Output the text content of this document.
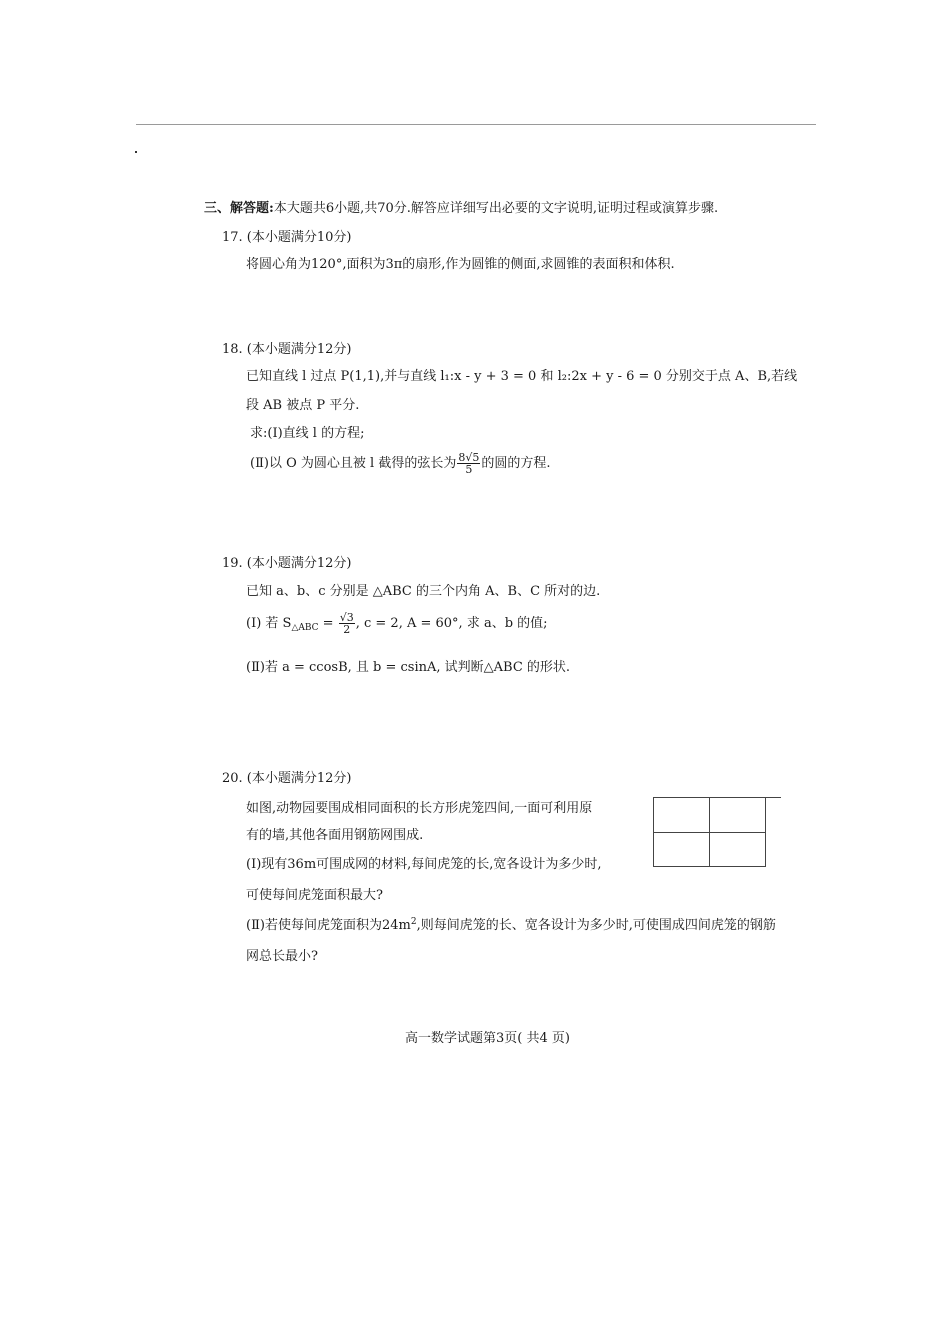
三、解答题:本大题共6小题,共70分.解答应详细写出必要的文字说明,证明过程或演算步骤.
17. (本小题满分10分)
将圆心角为120°,面积为3π的扇形,作为圆锥的侧面,求圆锥的表面积和体积.
18. (本小题满分12分)
已知直线 l 过点 P(1,1),并与直线 l₁:x - y + 3 = 0 和 l₂:2x + y - 6 = 0 分别交于点 A、B,若线
段 AB 被点 P 平分.
求:(Ⅰ)直线 l 的方程;
(Ⅱ)以 O 为圆心且被 l 截得的弦长为 $\frac{8√5}{5}$ 的圆的方程.
19. (本小题满分12分)
已知 a、b、c 分别是 △ABC 的三个内角 A、B、C 所对的边.
(Ⅰ) 若 $S_{\triangle ABC} = \frac{√3}{2}$ , c = 2, A = 60°, 求 a、b 的值;
(Ⅱ)若 a = ccosB, 且 b = csinA, 试判断△ABC 的形状.
20. (本小题满分12分)
如图,动物园要围成相同面积的长方形虎笼四间,一面可利用原
有的墙,其他各面用钢筋网围成.
(Ⅰ)现有36m可围成网的材料,每间虎笼的长,宽各设计为多少时,
可使每间虎笼面积最大?
(Ⅱ)若使每间虎笼面积为$24m^2$,则每间虎笼的长、宽各设计为多少时,可使围成四间虎笼的钢筋
网总长最小?
高一数学试题第3页( 共4 页)
